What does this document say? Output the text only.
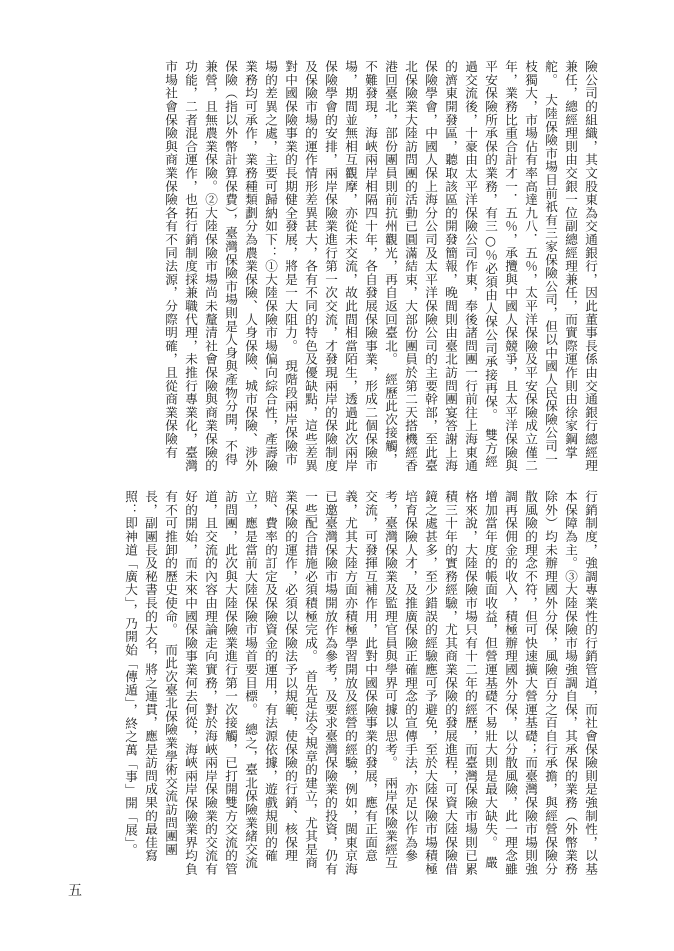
險公司的組織，其文股東為交通銀行，因此董事長係由交通銀行總經理兼任，總經理則由交銀一位副總經理兼任，而實際運作則由徐家鋼掌舵。　大陸保險市場目前祇有三家保險公司，但以中國人民保險公司一枝獨大，市場佔有率高達九八．五％，太平洋保險及平安保險成立僅二年，業務比重合計才一．五％，承攬與中國人保競爭，且太平洋保險與平安保險所承保的業務，有三○％必須由人保公司承接再保。　雙方經過交流後，十豪由太平洋保險公司作東，奉後諸問團一行前往上海東通的濟東開發區，聽取該區的開發簡報，晚間則由臺北訪問團宴答謝上海保險學會，中國人保上海分公司及太平洋保險公司的主要幹部，至此臺北保險業大陸訪問團的活動已圓滿結束，大部份團員於第二天搭機經香港回臺北，部份團員則前抗州觀光，再自返回臺北。　經歷此次接觸，不難發現，海峽兩岸相隔四十年，各自發展保險事業，形成二個保險市場，期間並無相互觀摩，亦從未交流，故此間相當陌生，透過此次兩岸保險學會的安排，兩岸保險業進行第一次交流，才發現兩岸的保險制度及保險市場的運作情形差異甚大，各有不同的特色及優缺點，這些差異對中國保險事業的長期健全發展，將是一大阻力。　現階段兩岸保險市場的差異之處，主要可歸納如下：①大陸保險市場偏向綜合性，產壽險業務均可承作，業務種類劃分為農業保險、人身保險、城市保險、涉外保險（指以外幣計算保費），臺灣保險市場則是人身與產物分開，不得兼營，且無農業保險。②大陸保險市場尚未釐清社會保險與商業保險的功能，二者混合運作，也拓行銷制度採兼職代理，未推行專業化，臺灣市場社會保險與商業保險各有不同法源，分際明確，且從商業保險有
行銷制度，強調專業性的行銷管道，而社會保險則是強制性，以基本保障為主。③大陸保險市場強調自保，其承保的業務（外幣業務除外）均未辦理國外分保，風險百分之百自行承擔，與經營保險分散風險的理念不符，但可快速擴大營運基礎；而臺灣保險市場則強調再保佣金的收入，積極辦理國外分保，以分散風險，此一理念雖增加當年度的帳面收益，但營運基礎不易壯大則是最大缺失。　嚴格來說，大陸保險市場只有十二年的經歷，而臺灣保險市場則已累積三十年的實務經驗，尤其商業保險的發展進程，可資大陸保險借鏡之處甚多，至少錯誤的經驗應可予避免，至於大陸保險市場積極培育保險人才，及推廣保險正確理念的宣傳手法，亦足以作為參考，臺灣保險業及監理官員與學界可據以思考。　兩岸保險業經互交流，可發揮互補作用，此對中國保險事業的發展，應有正面意義，尤其大陸方面亦積極學習開放及經營的經驗，例如，閩東京海已邀臺灣保險市場開放作為參考，及要求臺灣保險業的投資，仍有一些配合措施必須積極完成。　首先是法令規章的建立，尤其是商業保險的運作，必須以保險法予以規範，使保險的行銷、核保理賠、費率的訂定及保險資金的運用，有法源依據，遊戲規則的確立，應是當前大陸保險市場首要目標。　總之，臺北保險業緒交流訪問團，此次與大陸保險業進行第一次接觸，已打開雙方交流的管道，且交流的內容由理論走向實務，對於海峽兩岸保險業的交流有好的開始，而未來中國保險事業何去何從，海峽兩岸保險業界均負有不可推卸的歷史使命。　而此次臺北保險業學術交流訪問團團長，副團長及秘書長的大名，將之連貫，應是訪問成果的最佳寫照：即神道「廣大」，乃開始「傳遁」，終之萬「事」開「展」。
五
